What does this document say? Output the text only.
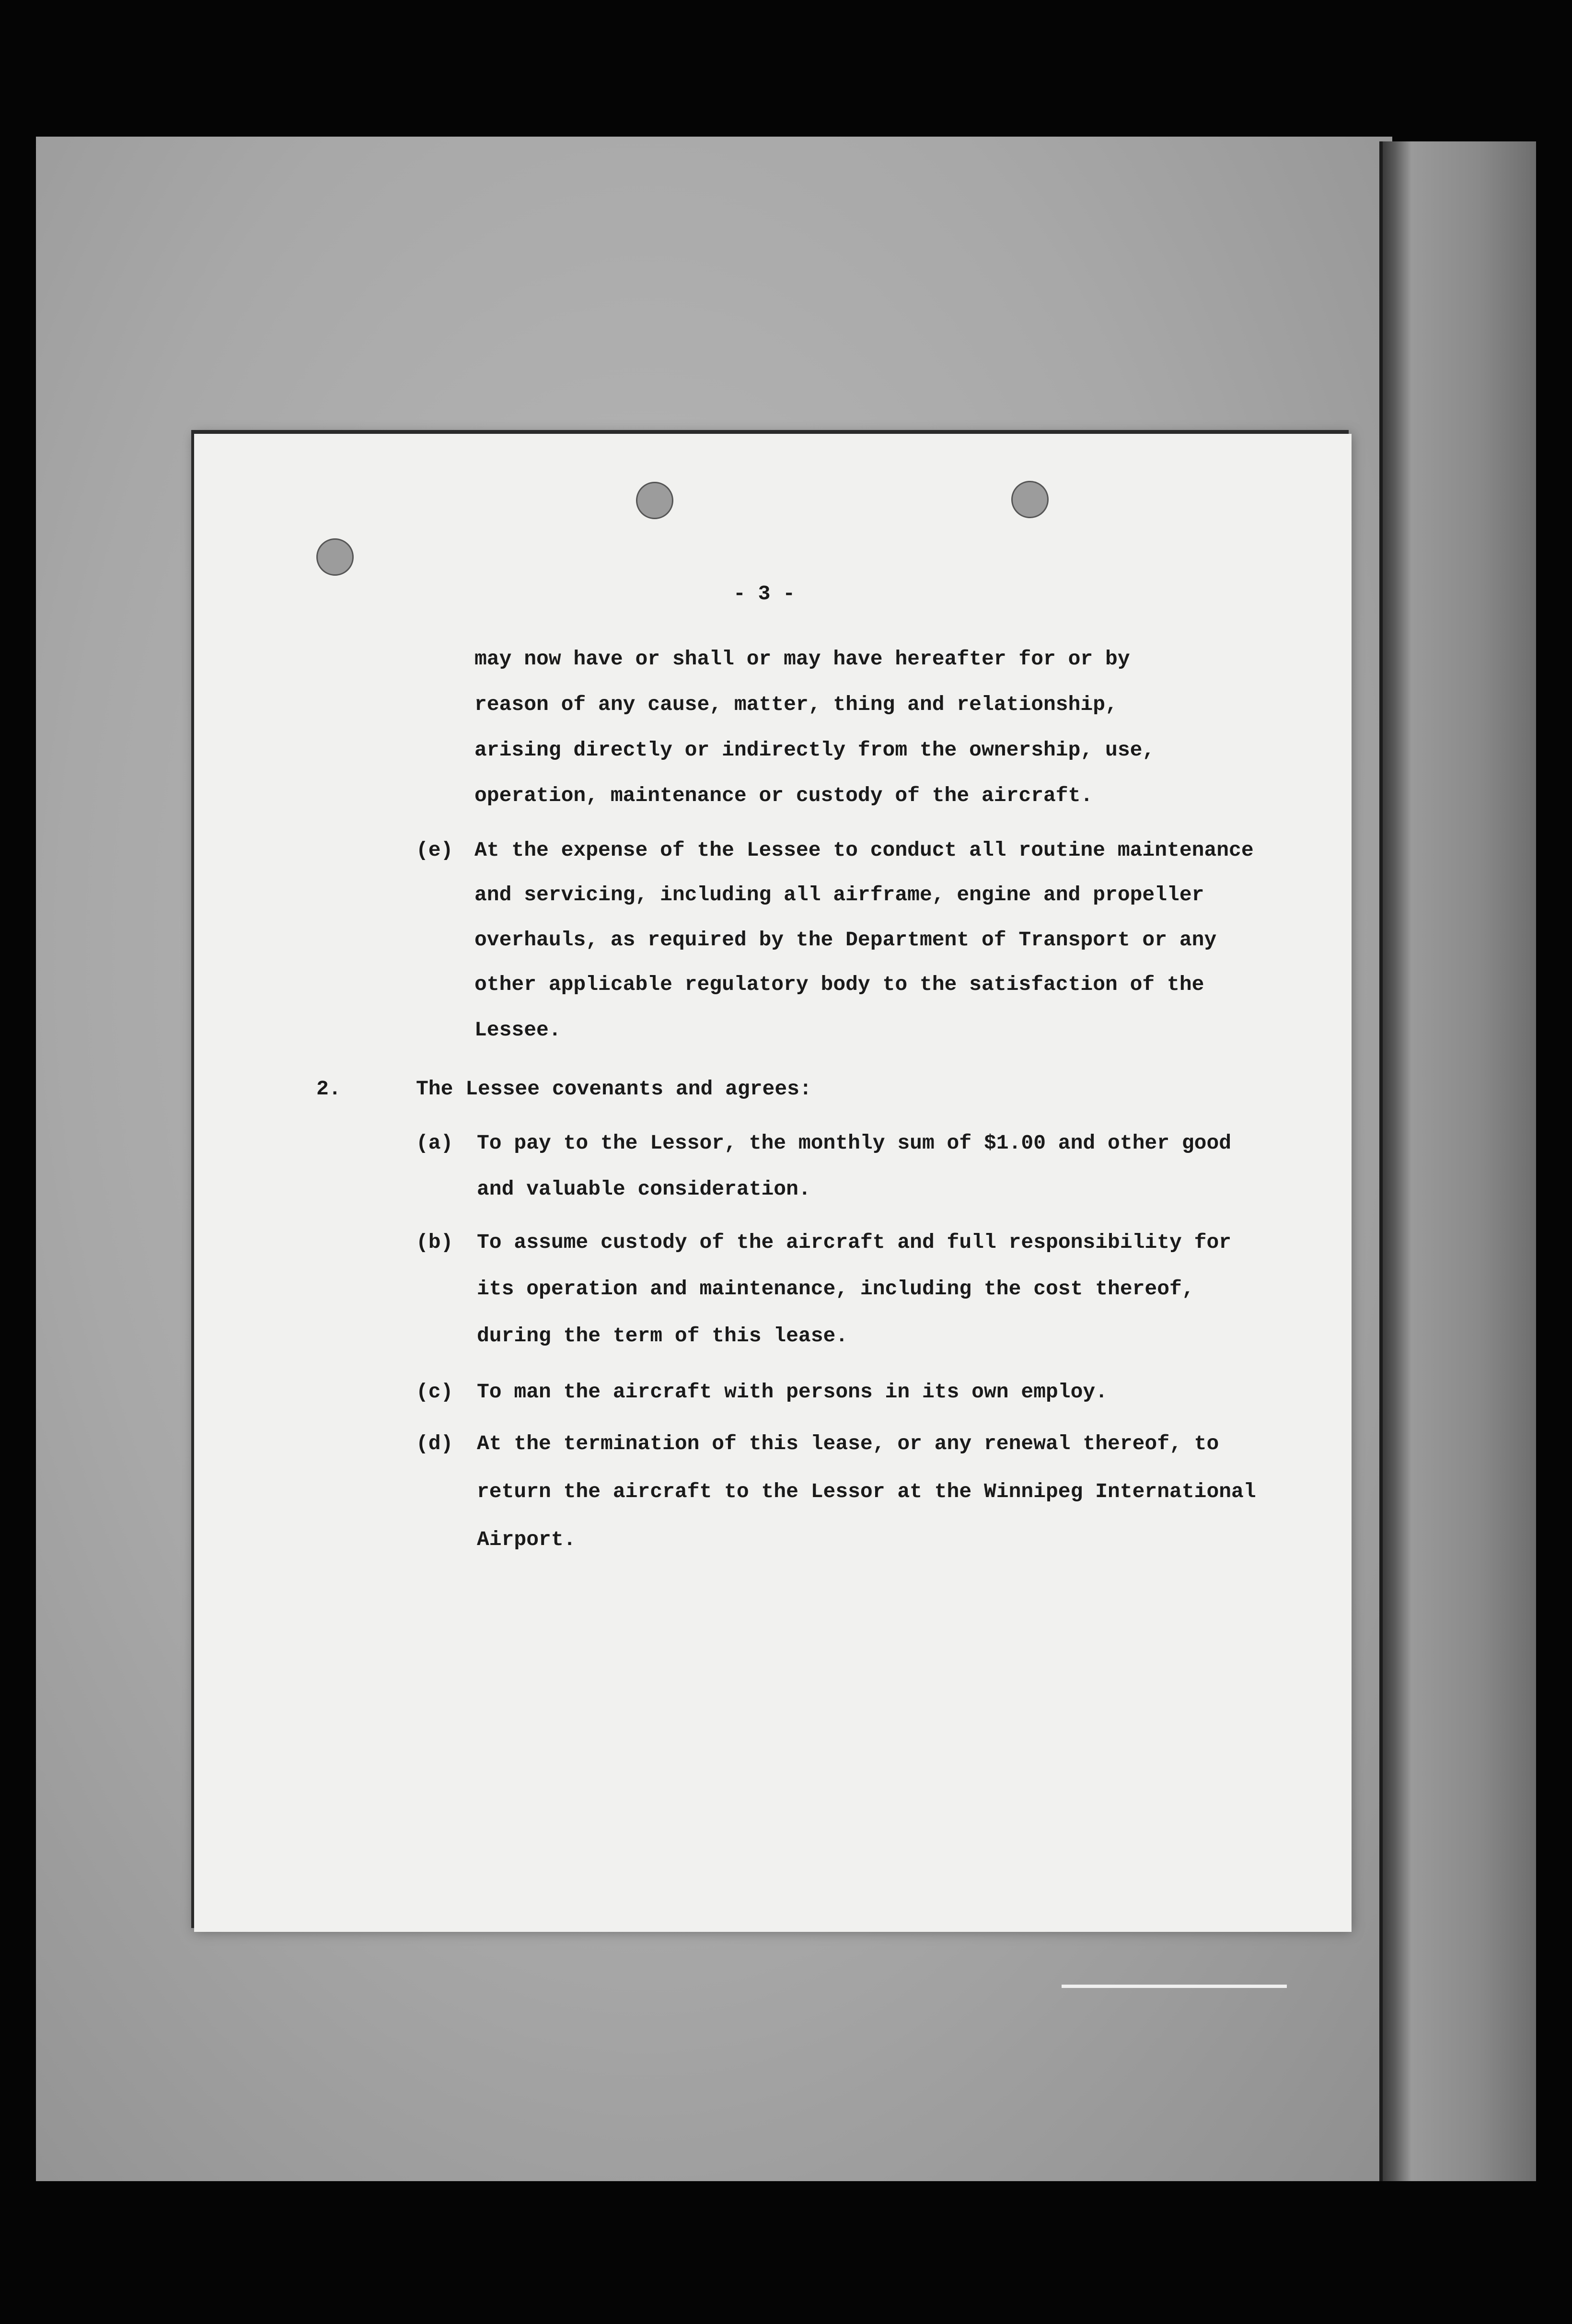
- 3 -
may now have or shall or may have hereafter for or by
reason of any cause, matter, thing and relationship,
arising directly or indirectly from the ownership, use,
operation, maintenance or custody of the aircraft.
(e) At the expense of the Lessee to conduct all routine maintenance
and servicing, including all airframe, engine and propeller
overhauls, as required by the Department of Transport or any
other applicable regulatory body to the satisfaction of the
Lessee.
2.	The Lessee covenants and agrees:
(a) To pay to the Lessor, the monthly sum of $1.00 and other good
and valuable consideration.
(b) To assume custody of the aircraft and full responsibility for
its operation and maintenance, including the cost thereof,
during the term of this lease.
(c) To man the aircraft with persons in its own employ.
(d) At the termination of this lease, or any renewal thereof, to
return the aircraft to the Lessor at the Winnipeg International
Airport.
